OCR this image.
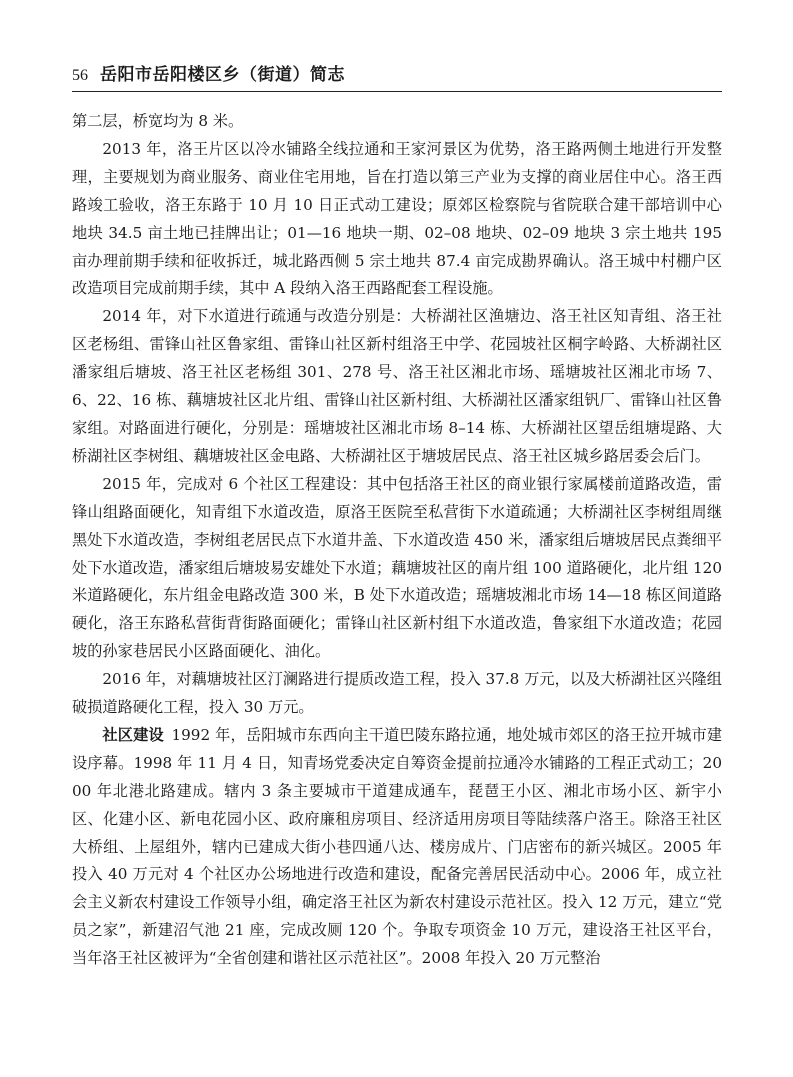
56 岳阳市岳阳楼区乡（街道）简志

第二层，桥宽均为 8 米。

2013 年，洛王片区以冷水铺路全线拉通和王家河景区为优势，洛王路两侧土地进行开发整理，主要规划为商业服务、商业住宅用地，旨在打造以第三产业为支撑的商业居住中心。洛王西路竣工验收，洛王东路于 10 月 10 日正式动工建设；原郊区检察院与省院联合建干部培训中心地块 34.5 亩土地已挂牌出让；01—16 地块一期、02–08 地块、02–09 地块 3 宗土地共 195 亩办理前期手续和征收拆迁，城北路西侧 5 宗土地共 87.4 亩完成勘界确认。洛王城中村棚户区改造项目完成前期手续，其中 A 段纳入洛王西路配套工程设施。

2014 年，对下水道进行疏通与改造分别是：大桥湖社区渔塘边、洛王社区知青组、洛王社区老杨组、雷锋山社区鲁家组、雷锋山社区新村组洛王中学、花园坡社区桐字岭路、大桥湖社区潘家组后塘坡、洛王社区老杨组 301、278 号、洛王社区湘北市场、瑶塘坡社区湘北市场 7、6、22、16 栋、藕塘坡社区北片组、雷锋山社区新村组、大桥湖社区潘家组钒厂、雷锋山社区鲁家组。对路面进行硬化，分别是：瑶塘坡社区湘北市场 8–14 栋、大桥湖社区望岳组塘堤路、大桥湖社区李树组、藕塘坡社区金电路、大桥湖社区于塘坡居民点、洛王社区城乡路居委会后门。

2015 年，完成对 6 个社区工程建设：其中包括洛王社区的商业银行家属楼前道路改造，雷锋山组路面硬化，知青组下水道改造，原洛王医院至私营街下水道疏通；大桥湖社区李树组周继黑处下水道改造，李树组老居民点下水道井盖、下水道改造 450 米，潘家组后塘坡居民点粪细平处下水道改造，潘家组后塘坡易安雄处下水道；藕塘坡社区的南片组 100 道路硬化，北片组 120 米道路硬化，东片组金电路改造 300 米，B 处下水道改造；瑶塘坡湘北市场 14—18 栋区间道路硬化，洛王东路私营街背街路面硬化；雷锋山社区新村组下水道改造，鲁家组下水道改造；花园坡的孙家巷居民小区路面硬化、油化。

2016 年，对藕塘坡社区汀澜路进行提质改造工程，投入 37.8 万元，以及大桥湖社区兴隆组破损道路硬化工程，投入 30 万元。

社区建设 1992 年，岳阳城市东西向主干道巴陵东路拉通，地处城市郊区的洛王拉开城市建设序幕。1998 年 11 月 4 日，知青场党委决定自筹资金提前拉通冷水铺路的工程正式动工；2000 年北港北路建成。辖内 3 条主要城市干道建成通车，琵琶王小区、湘北市场小区、新宇小区、化建小区、新电花园小区、政府廉租房项目、经济适用房项目等陆续落户洛王。除洛王社区大桥组、上屋组外，辖内已建成大街小巷四通八达、楼房成片、门店密布的新兴城区。2005 年投入 40 万元对 4 个社区办公场地进行改造和建设，配备完善居民活动中心。2006 年，成立社会主义新农村建设工作领导小组，确定洛王社区为新农村建设示范社区。投入 12 万元，建立“党员之家”，新建沼气池 21 座，完成改厕 120 个。争取专项资金 10 万元，建设洛王社区平台，当年洛王社区被评为“全省创建和谐社区示范社区”。2008 年投入 20 万元整治
